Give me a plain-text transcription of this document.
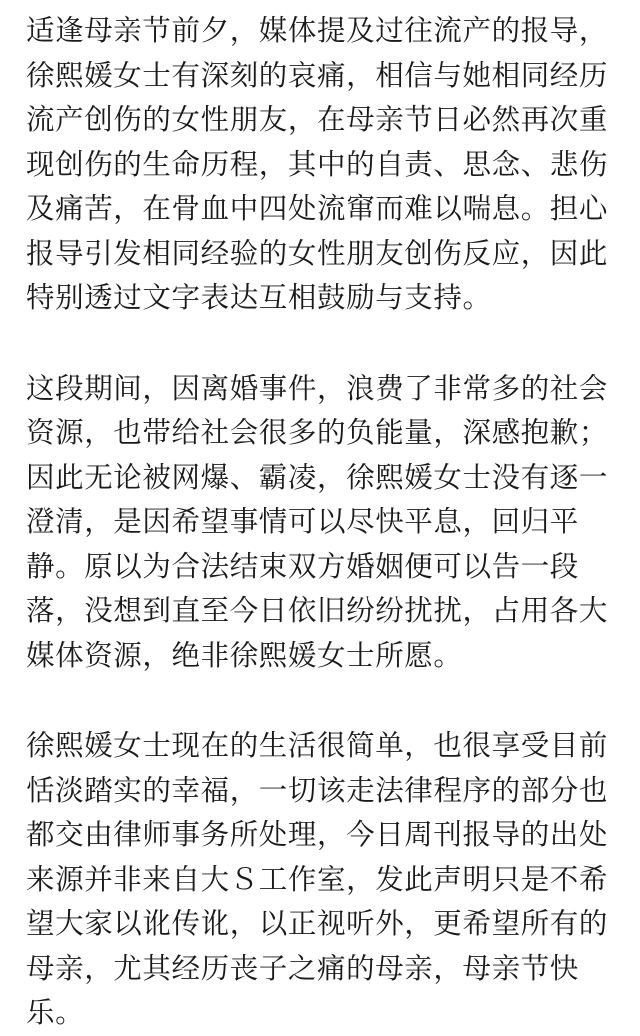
适逢母亲节前夕，媒体提及过往流产的报导，
徐熙媛女士有深刻的哀痛，相信与她相同经历
流产创伤的女性朋友，在母亲节日必然再次重
现创伤的生命历程，其中的自责、思念、悲伤
及痛苦，在骨血中四处流窜而难以喘息。担心
报导引发相同经验的女性朋友创伤反应，因此
特别透过文字表达互相鼓励与支持。
这段期间，因离婚事件，浪费了非常多的社会
资源，也带给社会很多的负能量，深感抱歉；
因此无论被网爆、霸凌，徐熙媛女士没有逐一
澄清，是因希望事情可以尽快平息，回归平
静。原以为合法结束双方婚姻便可以告一段
落，没想到直至今日依旧纷纷扰扰，占用各大
媒体资源，绝非徐熙媛女士所愿。
徐熙媛女士现在的生活很简单，也很享受目前
恬淡踏实的幸福，一切该走法律程序的部分也
都交由律师事务所处理，今日周刊报导的出处
来源并非来自大Ｓ工作室，发此声明只是不希
望大家以讹传讹，以正视听外，更希望所有的
母亲，尤其经历丧子之痛的母亲，母亲节快
乐。
